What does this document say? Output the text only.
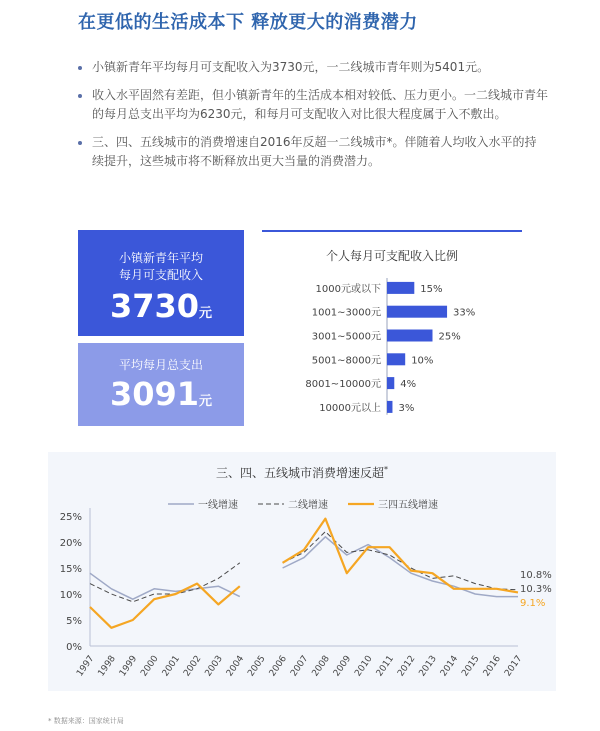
在更低的生活成本下 释放更大的消费潜力
小镇新青年平均每月可支配收入为3730元，一二线城市青年则为5401元。
收入水平固然有差距，但小镇新青年的生活成本相对较低、压力更小。一二线城市青年的每月总支出平均为6230元，和每月可支配收入对比很大程度属于入不敷出。
三、四、五线城市的消费增速自2016年反超一二线城市*。伴随着人均收入水平的持续提升，这些城市将不断释放出更大当量的消费潜力。
小镇新青年平均
每月可支配收入
3730元
平均每月总支出
3091元
个人每月可支配收入比例
1000元或以下	15%
1001~3000元	33%
3001~5000元	25%
5001~8000元	10%
8001~10000元 4%
10000元以上 3%
三、四、五线城市消费增速反超*
0%
5%
10%
15%
20%
25%
1997 1998 1999 2000 2001 2002 2003 2004 2005 2006 2007 2008 2009 2010 2011 2012 2013 2014 2015 2016 2017
一线增速	二线增速	三四五线增速
10.8%
10.3%
9.1%
* 数据来源：国家统计局
